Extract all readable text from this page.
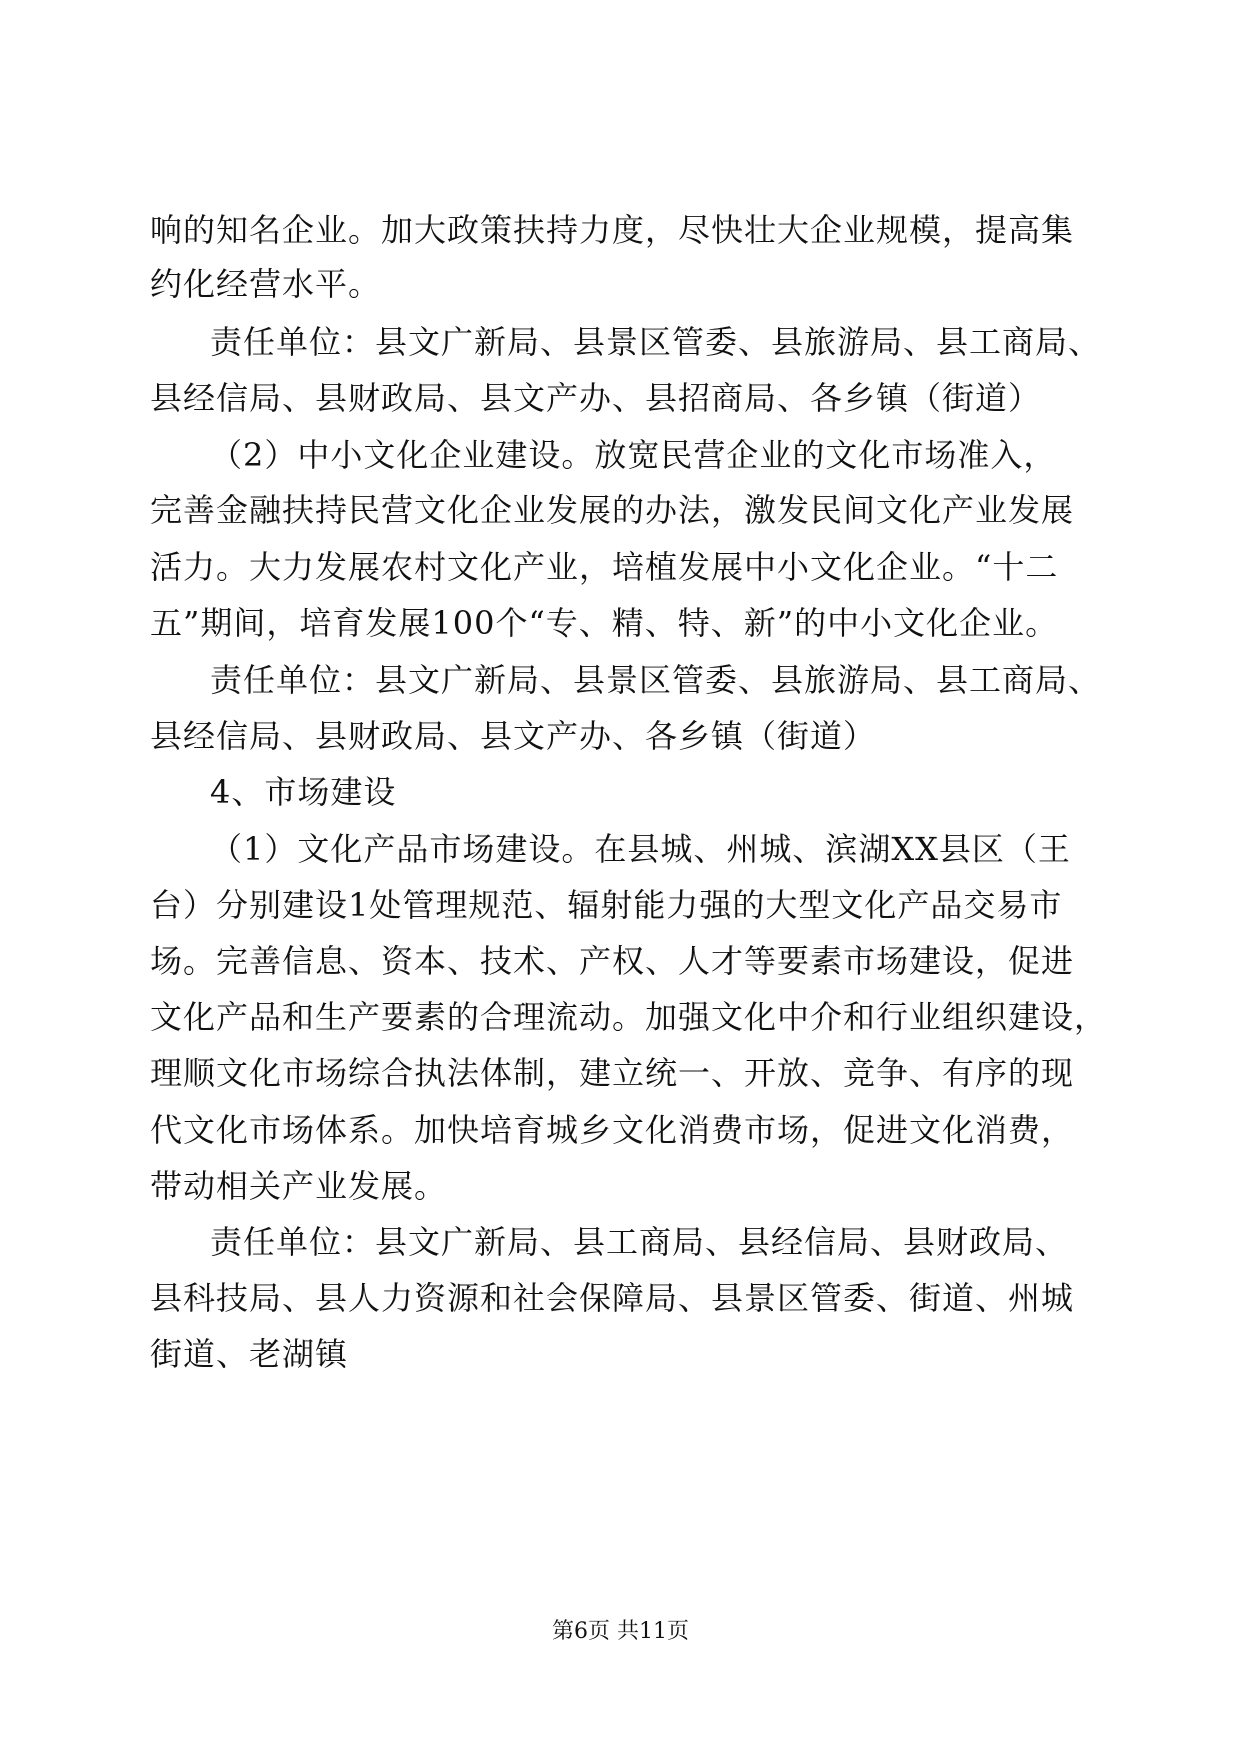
响的知名企业。加大政策扶持力度，尽快壮大企业规模，提高集
约化经营水平。
责任单位：县文广新局、县景区管委、县旅游局、县工商局、
县经信局、县财政局、县文产办、县招商局、各乡镇（街道）
（2）中小文化企业建设。放宽民营企业的文化市场准入，
完善金融扶持民营文化企业发展的办法，激发民间文化产业发展
活力。大力发展农村文化产业，培植发展中小文化企业。“十二
五”期间，培育发展100个“专、精、特、新”的中小文化企业。
责任单位：县文广新局、县景区管委、县旅游局、县工商局、
县经信局、县财政局、县文产办、各乡镇（街道）
4、市场建设
（1）文化产品市场建设。在县城、州城、滨湖XX县区（王
台）分别建设1处管理规范、辐射能力强的大型文化产品交易市
场。完善信息、资本、技术、产权、人才等要素市场建设，促进
文化产品和生产要素的合理流动。加强文化中介和行业组织建设，
理顺文化市场综合执法体制，建立统一、开放、竞争、有序的现
代文化市场体系。加快培育城乡文化消费市场，促进文化消费，
带动相关产业发展。
责任单位：县文广新局、县工商局、县经信局、县财政局、
县科技局、县人力资源和社会保障局、县景区管委、街道、州城
街道、老湖镇
第6页 共11页
